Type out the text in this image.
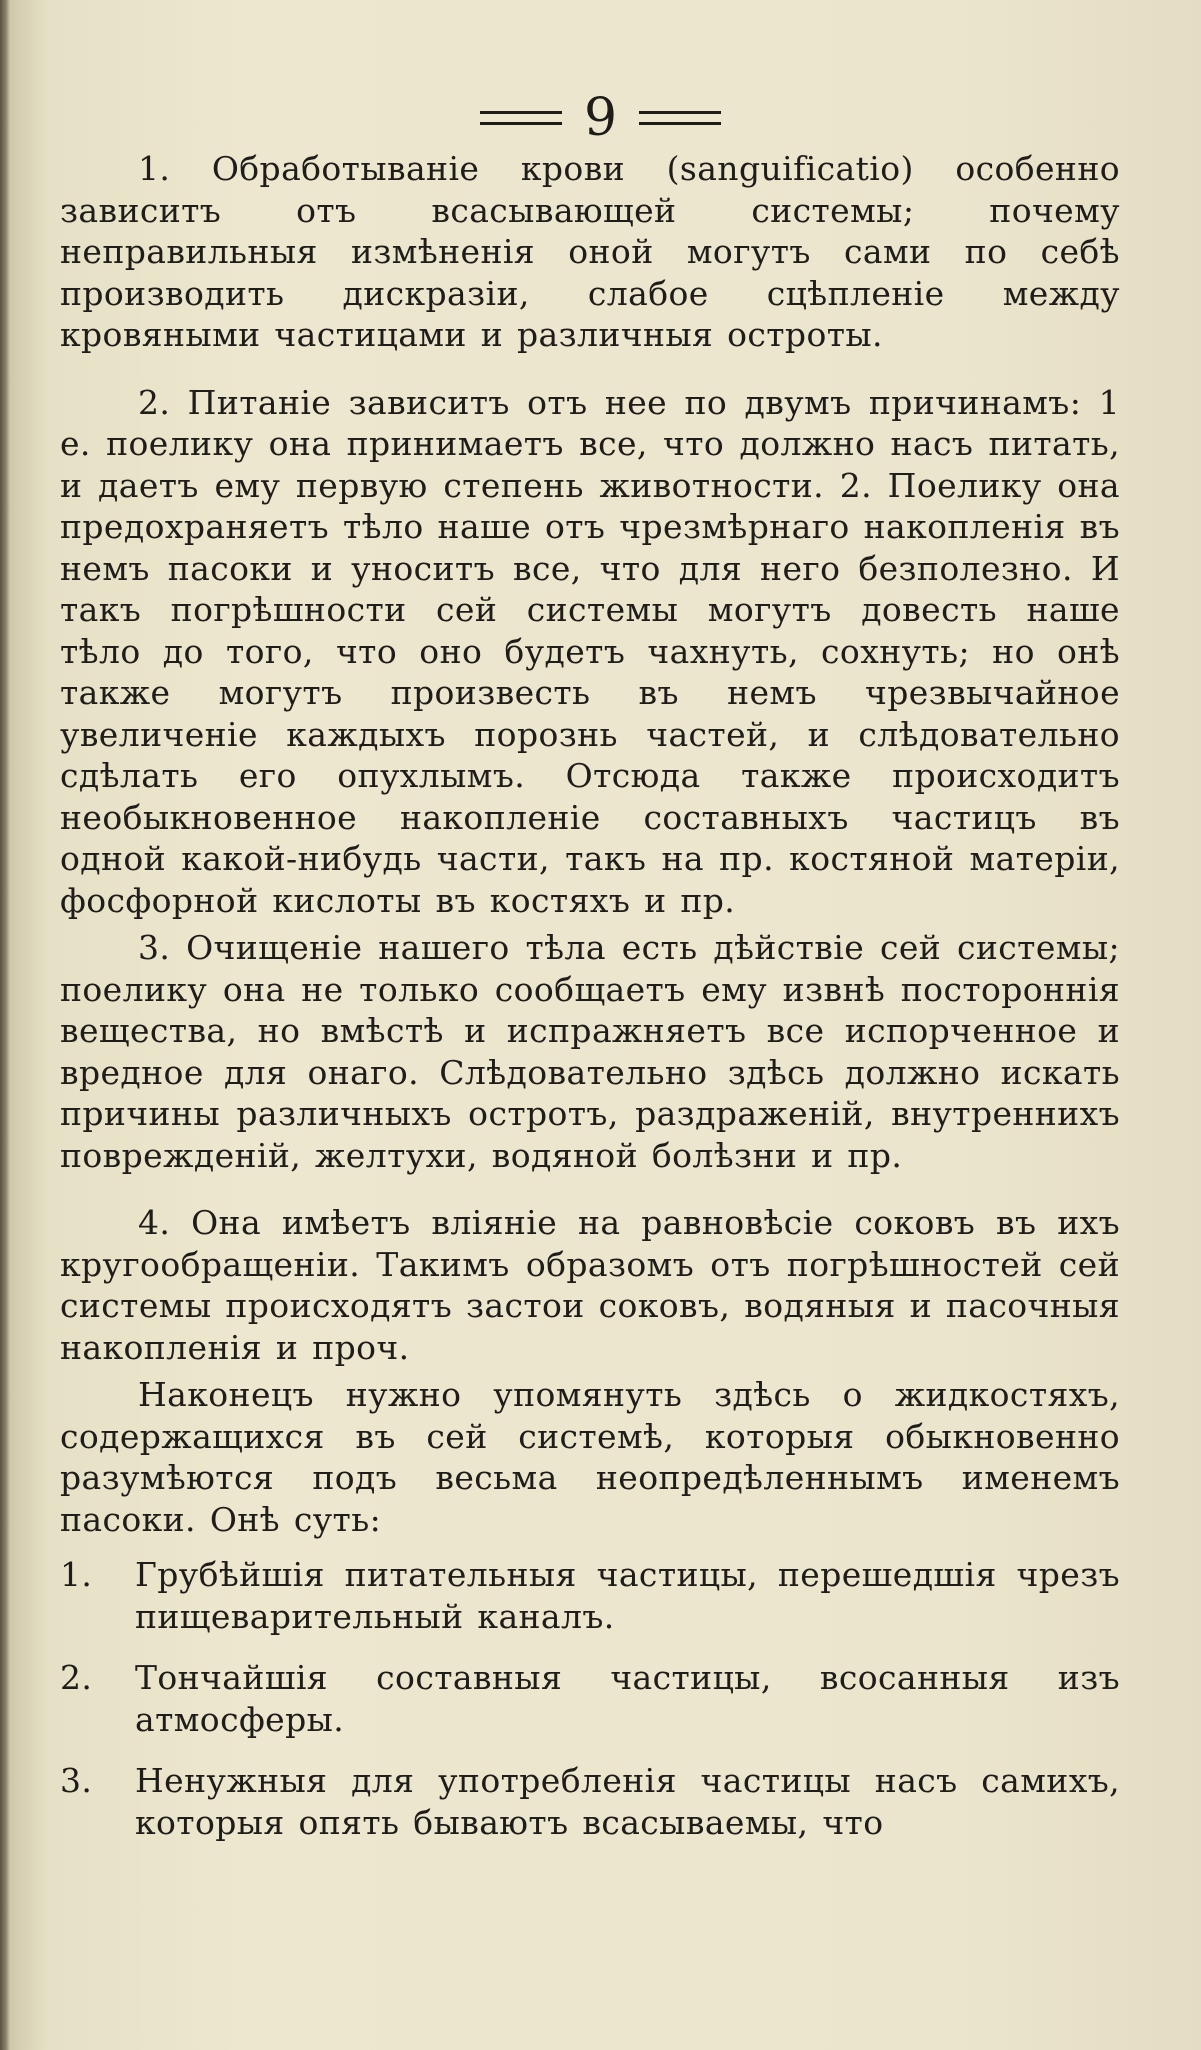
9

1. Обработываніе крови (sanguificatio) особенно зависитъ отъ всасывающей системы; почему неправильныя измѣненія оной могутъ сами по себѣ производить дискразіи, слабое сцѣпленіе между кровяными частицами и различныя остроты.

2. Питаніе зависитъ отъ нее по двумъ причинамъ: 1 е. поелику она принимаетъ все, что должно насъ питать, и даетъ ему первую степень животности. 2. Поелику она предохраняетъ тѣло наше отъ чрезмѣрнаго накопленія въ немъ пасоки и уноситъ все, что для него безполезно. И такъ погрѣшности сей системы могутъ довесть наше тѣло до того, что оно будетъ чахнуть, сохнуть; но онѣ также могутъ произвесть въ немъ чрезвычайное увеличеніе каждыхъ порознь частей, и слѣдовательно сдѣлать его опухлымъ. Отсюда также происходитъ необыкновенное накопленіе составныхъ частицъ въ одной какой-нибудь части, такъ на пр. костяной матеріи, фосфорной кислоты въ костяхъ и пр.

3. Очищеніе нашего тѣла есть дѣйствіе сей системы; поелику она не только сообщаетъ ему извнѣ постороннія вещества, но вмѣстѣ и испражняетъ все испорченное и вредное для онаго. Слѣдовательно здѣсь должно искать причины различныхъ остротъ, раздраженій, внутреннихъ поврежденій, желтухи, водяной болѣзни и пр.

4. Она имѣетъ вліяніе на равновѣсіе соковъ въ ихъ кругообращеніи. Такимъ образомъ отъ погрѣшностей сей системы происходятъ застои соковъ, водяныя и пасочныя накопленія и проч.

Наконецъ нужно упомянуть здѣсь о жидкостяхъ, содержащихся въ сей системѣ, которыя обыкновенно разумѣются подъ весьма неопредѣленнымъ именемъ пасоки. Онѣ суть:

1.	Грубѣйшія питательныя частицы, перешедшія чрезъ пищеварительный каналъ.
2.	Тончайшія составныя частицы, всосанныя изъ атмосферы.
3.	Ненужныя для употребленія частицы насъ самихъ, которыя опять бываютъ всасываемы, что
